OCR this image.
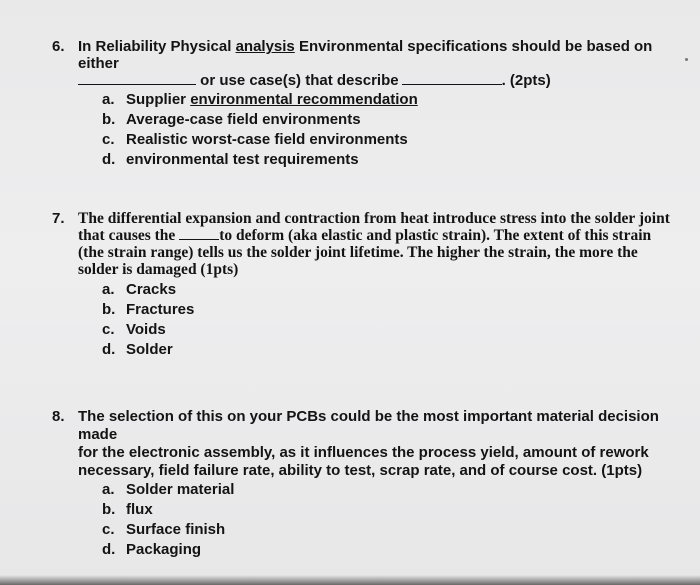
6. In Reliability Physical analysis Environmental specifications should be based on either
or use case(s) that describe	. (2pts)
a. Supplier environmental recommendation
b. Average-case field environments
c. Realistic worst-case field environments
d. environmental test requirements
7. The differential expansion and contraction from heat introduce stress into the solder joint
that causes the	to deform (aka elastic and plastic strain). The extent of this strain
(the strain range) tells us the solder joint lifetime. The higher the strain, the more the
solder is damaged (1pts)
a. Cracks
b. Fractures
c. Voids
d. Solder
8. The selection of this on your PCBs could be the most important material decision made
for the electronic assembly, as it influences the process yield, amount of rework
necessary, field failure rate, ability to test, scrap rate, and of course cost. (1pts)
a. Solder material
b. flux
c. Surface finish
d. Packaging
